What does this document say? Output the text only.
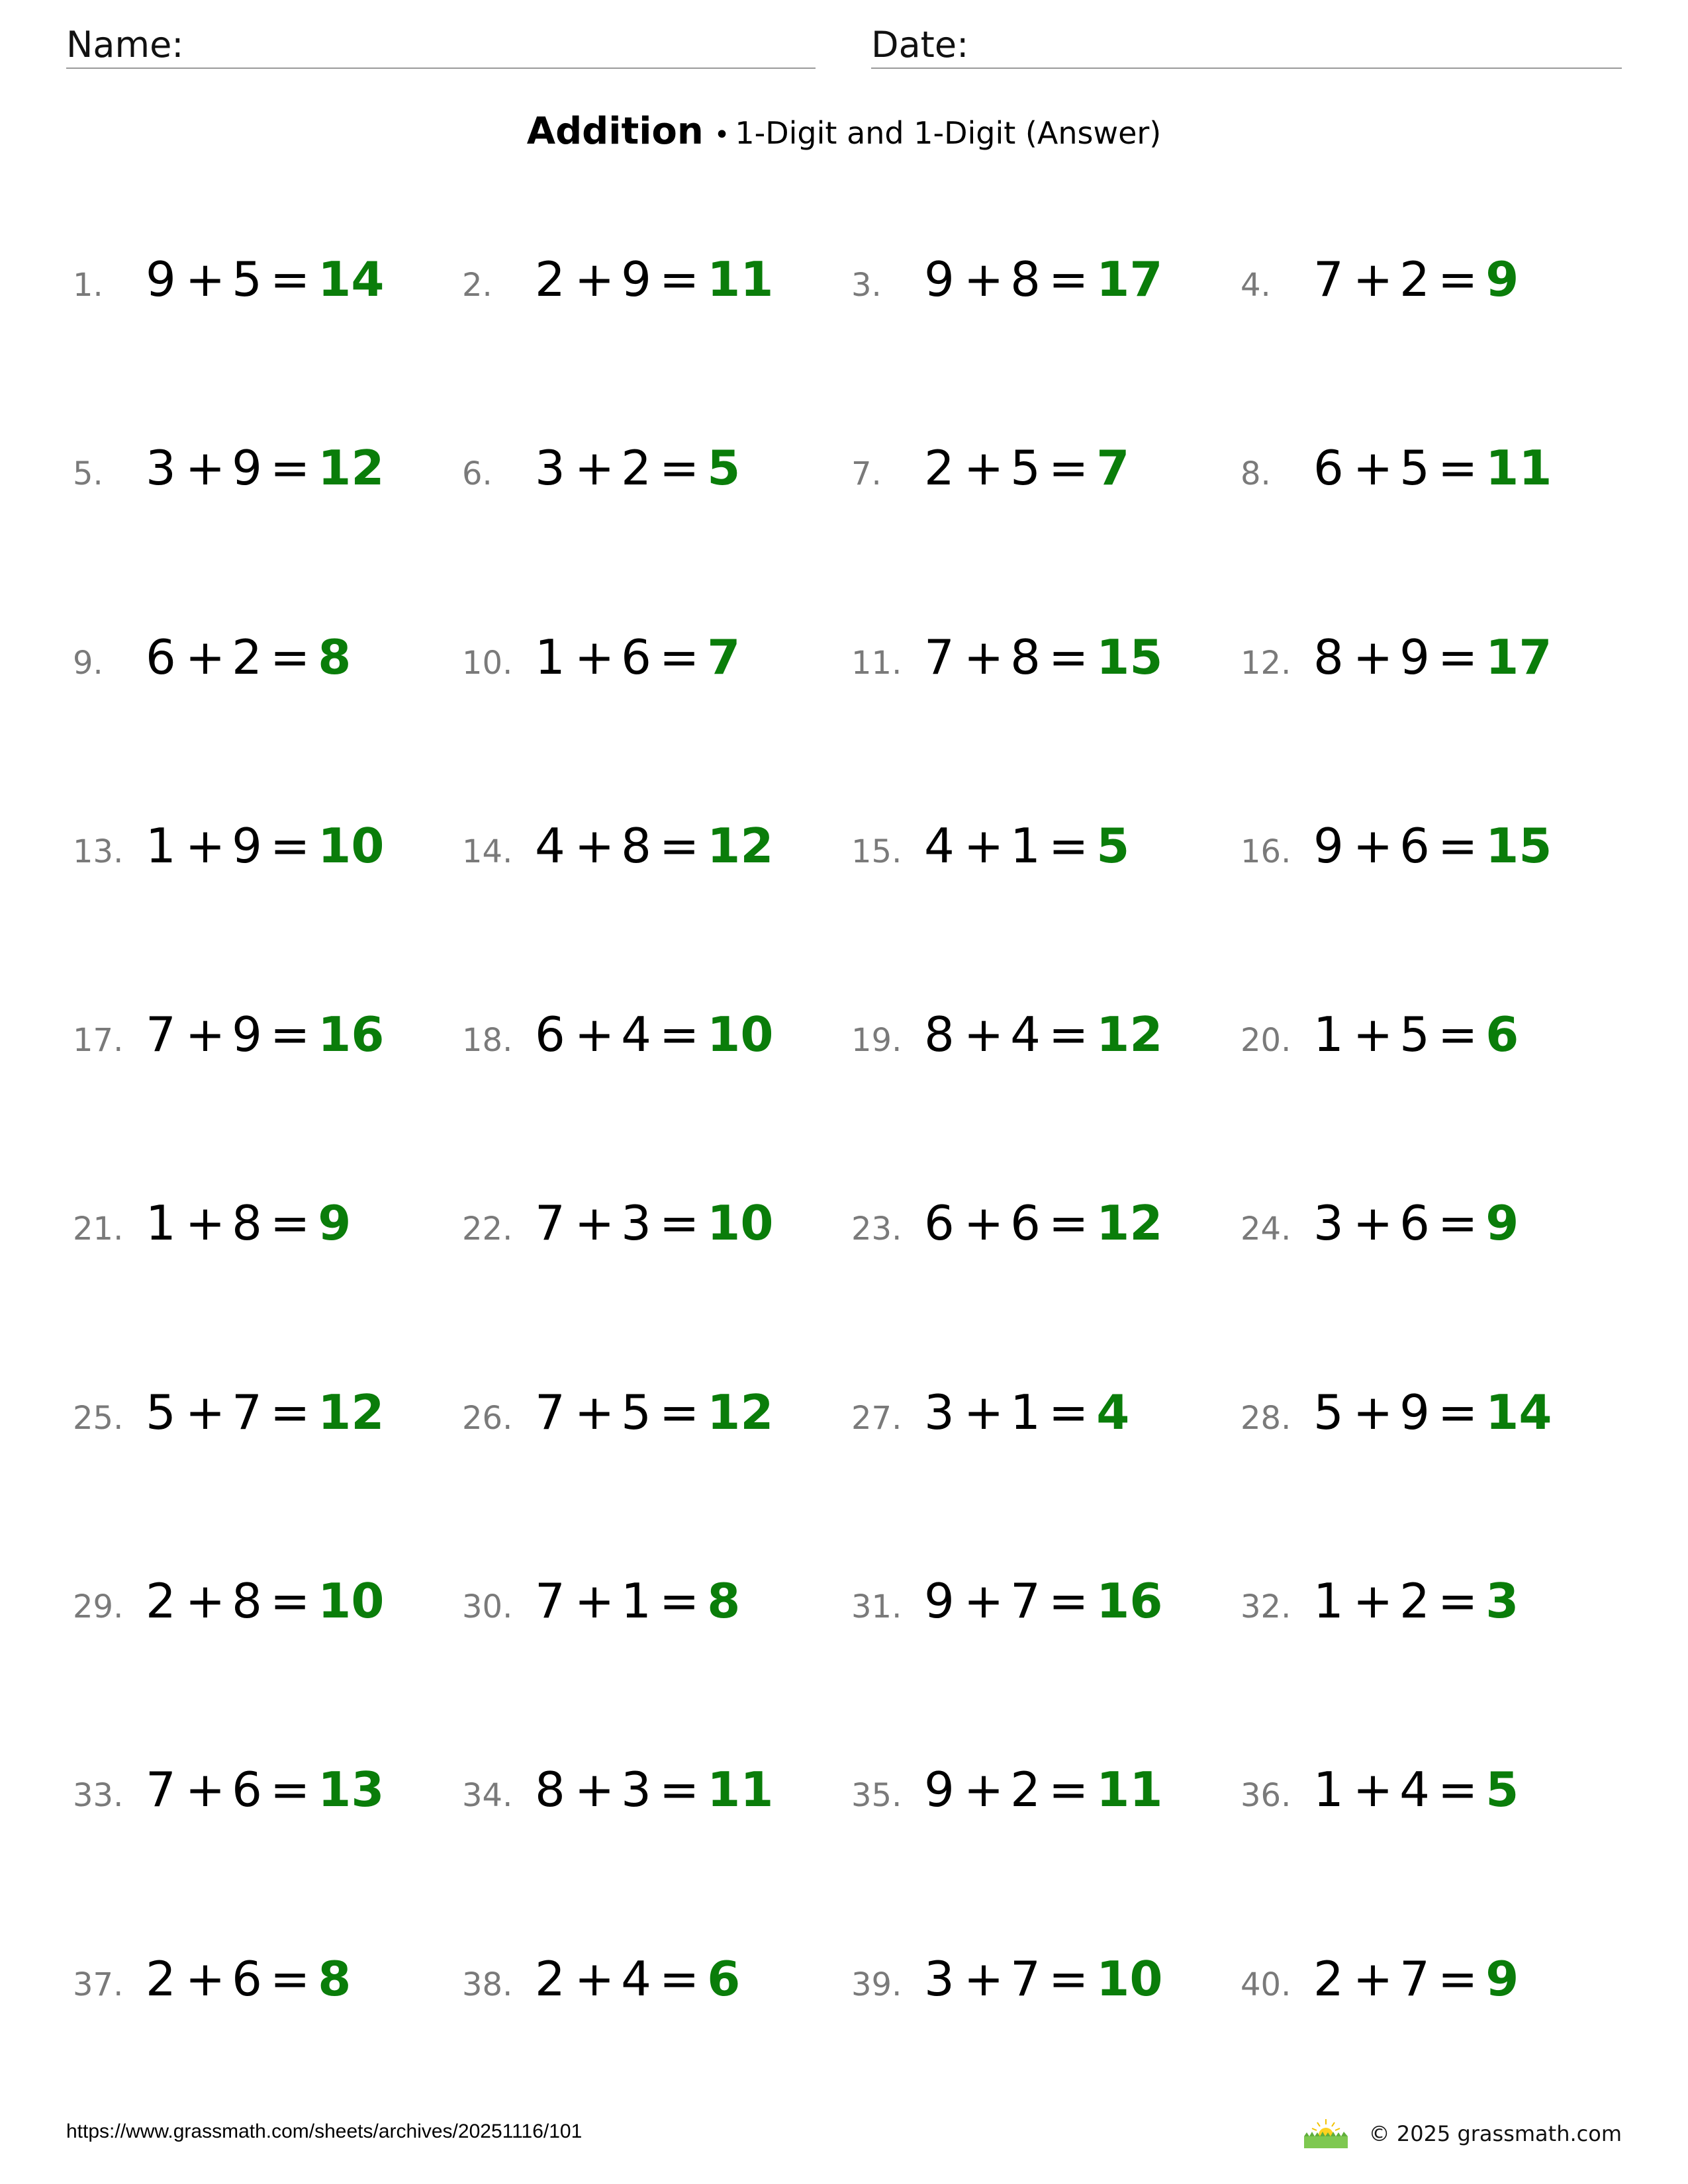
Name:	Date:
Addition • 1-Digit and 1-Digit (Answer)
1. 9 + 5 = 14 2. 2 + 9 = 11 3. 9 + 8 = 17 4. 7 + 2 = 9
5. 3 + 9 = 12 6. 3 + 2 = 5	7. 2 + 5 = 7	8. 6 + 5 = 11
9. 6 + 2 = 8	10. 1 + 6 = 7	11. 7 + 8 = 15 12. 8 + 9 = 17
13. 1 + 9 = 10 14. 4 + 8 = 12 15. 4 + 1 = 5	16. 9 + 6 = 15
17. 7 + 9 = 16 18. 6 + 4 = 10 19. 8 + 4 = 12 20. 1 + 5 = 6
21. 1 + 8 = 9	22. 7 + 3 = 10 23. 6 + 6 = 12 24. 3 + 6 = 9
25. 5 + 7 = 12 26. 7 + 5 = 12 27. 3 + 1 = 4	28. 5 + 9 = 14
29. 2 + 8 = 10 30. 7 + 1 = 8	31. 9 + 7 = 16 32. 1 + 2 = 3
33. 7 + 6 = 13 34. 8 + 3 = 11 35. 9 + 2 = 11 36. 1 + 4 = 5
37. 2 + 6 = 8	38. 2 + 4 = 6	39. 3 + 7 = 10 40. 2 + 7 = 9
https://www.grassmath.com/sheets/archives/20251116/101	© 2025 grassmath.com
